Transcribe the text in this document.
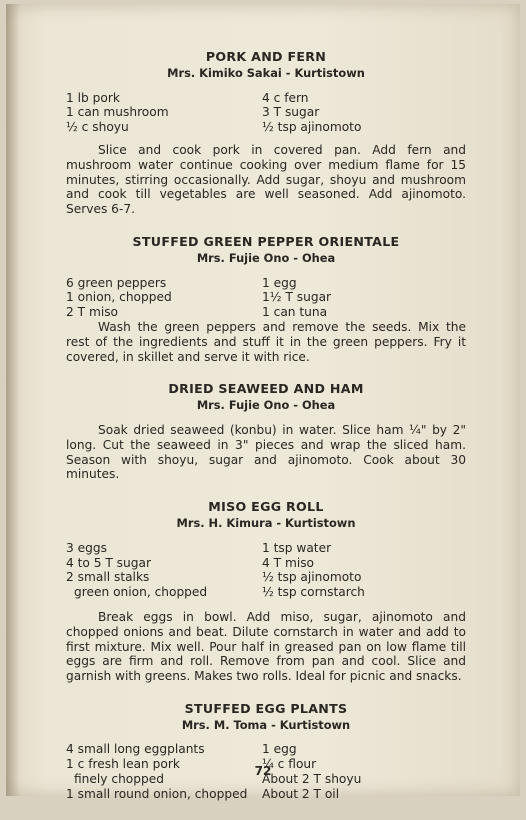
PORK AND FERN

Mrs. Kimiko Sakai - Kurtistown

1 lb pork	4 c fern
1 can mushroom	3 T sugar
½ c shoyu	½ tsp ajinomoto

Slice and cook pork in covered pan. Add fern and mushroom water continue cooking over medium flame for 15 minutes, stirring occasionally. Add sugar, shoyu and mushroom and cook till vegetables are well seasoned. Add ajinomoto. Serves 6-7.

STUFFED GREEN PEPPER ORIENTALE

Mrs. Fujie Ono - Ohea

6 green peppers	1 egg
1 onion, chopped	1½ T sugar
2 T miso	1 can tuna

Wash the green peppers and remove the seeds. Mix the rest of the ingredients and stuff it in the green peppers. Fry it covered, in skillet and serve it with rice.

DRIED SEAWEED AND HAM

Mrs. Fujie Ono - Ohea

Soak dried seaweed (konbu) in water. Slice ham ¼" by 2" long. Cut the seaweed in 3" pieces and wrap the sliced ham. Season with shoyu, sugar and ajinomoto. Cook about 30 minutes.

MISO EGG ROLL

Mrs. H. Kimura - Kurtistown

3 eggs	1 tsp water
4 to 5 T sugar	4 T miso
2 small stalks	½ tsp ajinomoto
green onion, chopped	½ tsp cornstarch

Break eggs in bowl. Add miso, sugar, ajinomoto and chopped onions and beat. Dilute cornstarch in water and add to first mixture. Mix well. Pour half in greased pan on low flame till eggs are firm and roll. Remove from pan and cool. Slice and garnish with greens. Makes two rolls. Ideal for picnic and snacks.

STUFFED EGG PLANTS

Mrs. M. Toma - Kurtistown

4 small long eggplants	1 egg
1 c fresh lean pork	¼ c flour
finely chopped	About 2 T shoyu
1 small round onion, chopped	About 2 T oil
72
